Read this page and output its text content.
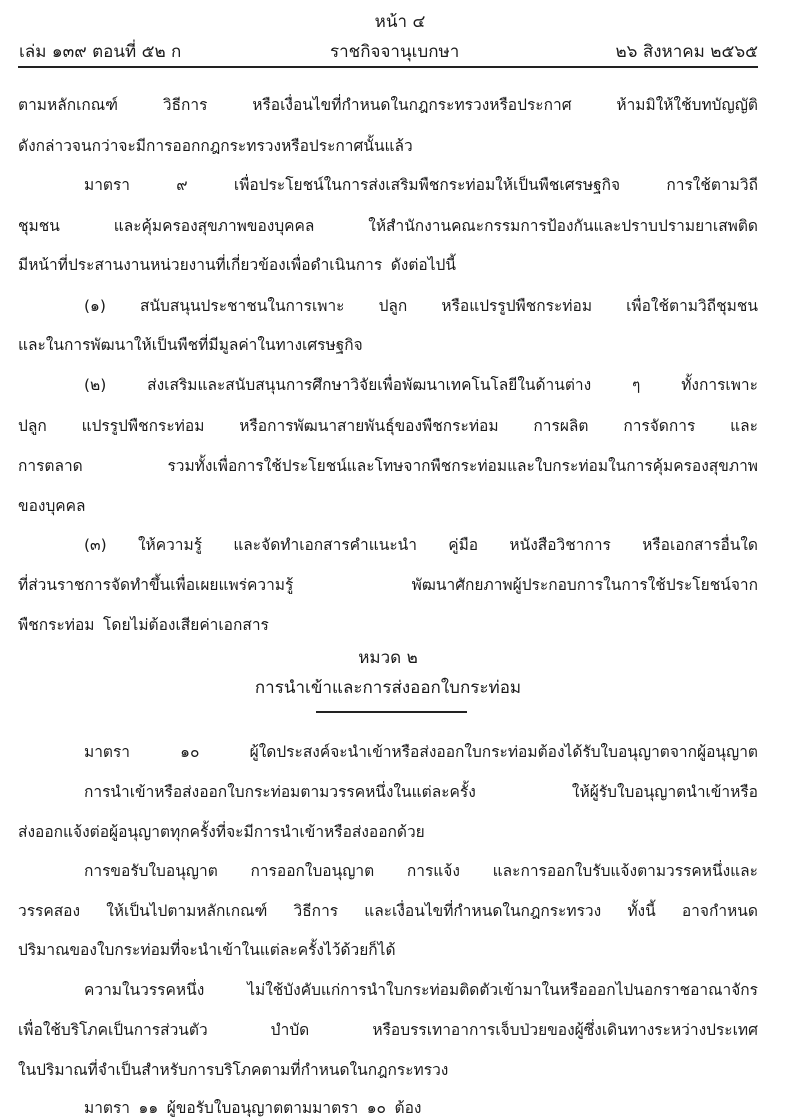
หน้า ๔
เล่ม ๑๓๙ ตอนที่ ๕๒ ก	ราชกิจจานุเบกษา	๒๖ สิงหาคม ๒๕๖๕
ตามหลักเกณฑ์	วิธีการ	หรือเงื่อนไขที่กำหนดในกฎกระทรวงหรือประกาศ	ห้ามมิให้ใช้บทบัญญัติ
ดังกล่าวจนกว่าจะมีการออกกฎกระทรวงหรือประกาศนั้นแล้ว
มาตรา	๙	เพื่อประโยชน์ในการส่งเสริมพืชกระท่อมให้เป็นพืชเศรษฐกิจ	การใช้ตามวิถี
ชุมชน	และคุ้มครองสุขภาพของบุคคล	ให้สำนักงานคณะกรรมการป้องกันและปราบปรามยาเสพติด
มีหน้าที่ประสานงานหน่วยงานที่เกี่ยวข้องเพื่อดำเนินการ ดังต่อไปนี้
(๑) สนับสนุนประชาชนในการเพาะ ปลูก หรือแปรรูปพืชกระท่อม เพื่อใช้ตามวิถีชุมชน
และในการพัฒนาให้เป็นพืชที่มีมูลค่าในทางเศรษฐกิจ
(๒)	ส่งเสริมและสนับสนุนการศึกษาวิจัยเพื่อพัฒนาเทคโนโลยีในด้านต่าง	ๆ	ทั้งการเพาะ
ปลูก แปรรูปพืชกระท่อม หรือการพัฒนาสายพันธุ์ของพืชกระท่อม การผลิต การจัดการ และ
การตลาด	รวมทั้งเพื่อการใช้ประโยชน์และโทษจากพืชกระท่อมและใบกระท่อมในการคุ้มครองสุขภาพ
ของบุคคล
(๓) ให้ความรู้ และจัดทำเอกสารคำแนะนำ คู่มือ หนังสือวิชาการ หรือเอกสารอื่นใด
ที่ส่วนราชการจัดทำขึ้นเพื่อเผยแพร่ความรู้	พัฒนาศักยภาพผู้ประกอบการในการใช้ประโยชน์จาก
พืชกระท่อม โดยไม่ต้องเสียค่าเอกสาร
มาตรา	๑๐	ผู้ใดประสงค์จะนำเข้าหรือส่งออกใบกระท่อมต้องได้รับใบอนุญาตจากผู้อนุญาต
การนำเข้าหรือส่งออกใบกระท่อมตามวรรคหนึ่งในแต่ละครั้ง	ให้ผู้รับใบอนุญาตนำเข้าหรือ
ส่งออกแจ้งต่อผู้อนุญาตทุกครั้งที่จะมีการนำเข้าหรือส่งออกด้วย
การขอรับใบอนุญาต การออกใบอนุญาต การแจ้ง และการออกใบรับแจ้งตามวรรคหนึ่งและ
วรรคสอง ให้เป็นไปตามหลักเกณฑ์ วิธีการ และเงื่อนไขที่กำหนดในกฎกระทรวง ทั้งนี้ อาจกำหนด
ปริมาณของใบกระท่อมที่จะนำเข้าในแต่ละครั้งไว้ด้วยก็ได้
ความในวรรคหนึ่ง	ไม่ใช้บังคับแก่การนำใบกระท่อมติดตัวเข้ามาในหรือออกไปนอกราชอาณาจักร
เพื่อใช้บริโภคเป็นการส่วนตัว	บำบัด	หรือบรรเทาอาการเจ็บป่วยของผู้ซึ่งเดินทางระหว่างประเทศ
ในปริมาณที่จำเป็นสำหรับการบริโภคตามที่กำหนดในกฎกระทรวง
มาตรา ๑๑ ผู้ขอรับใบอนุญาตตามมาตรา ๑๐ ต้อง
หมวด ๒
การนำเข้าและการส่งออกใบกระท่อม
